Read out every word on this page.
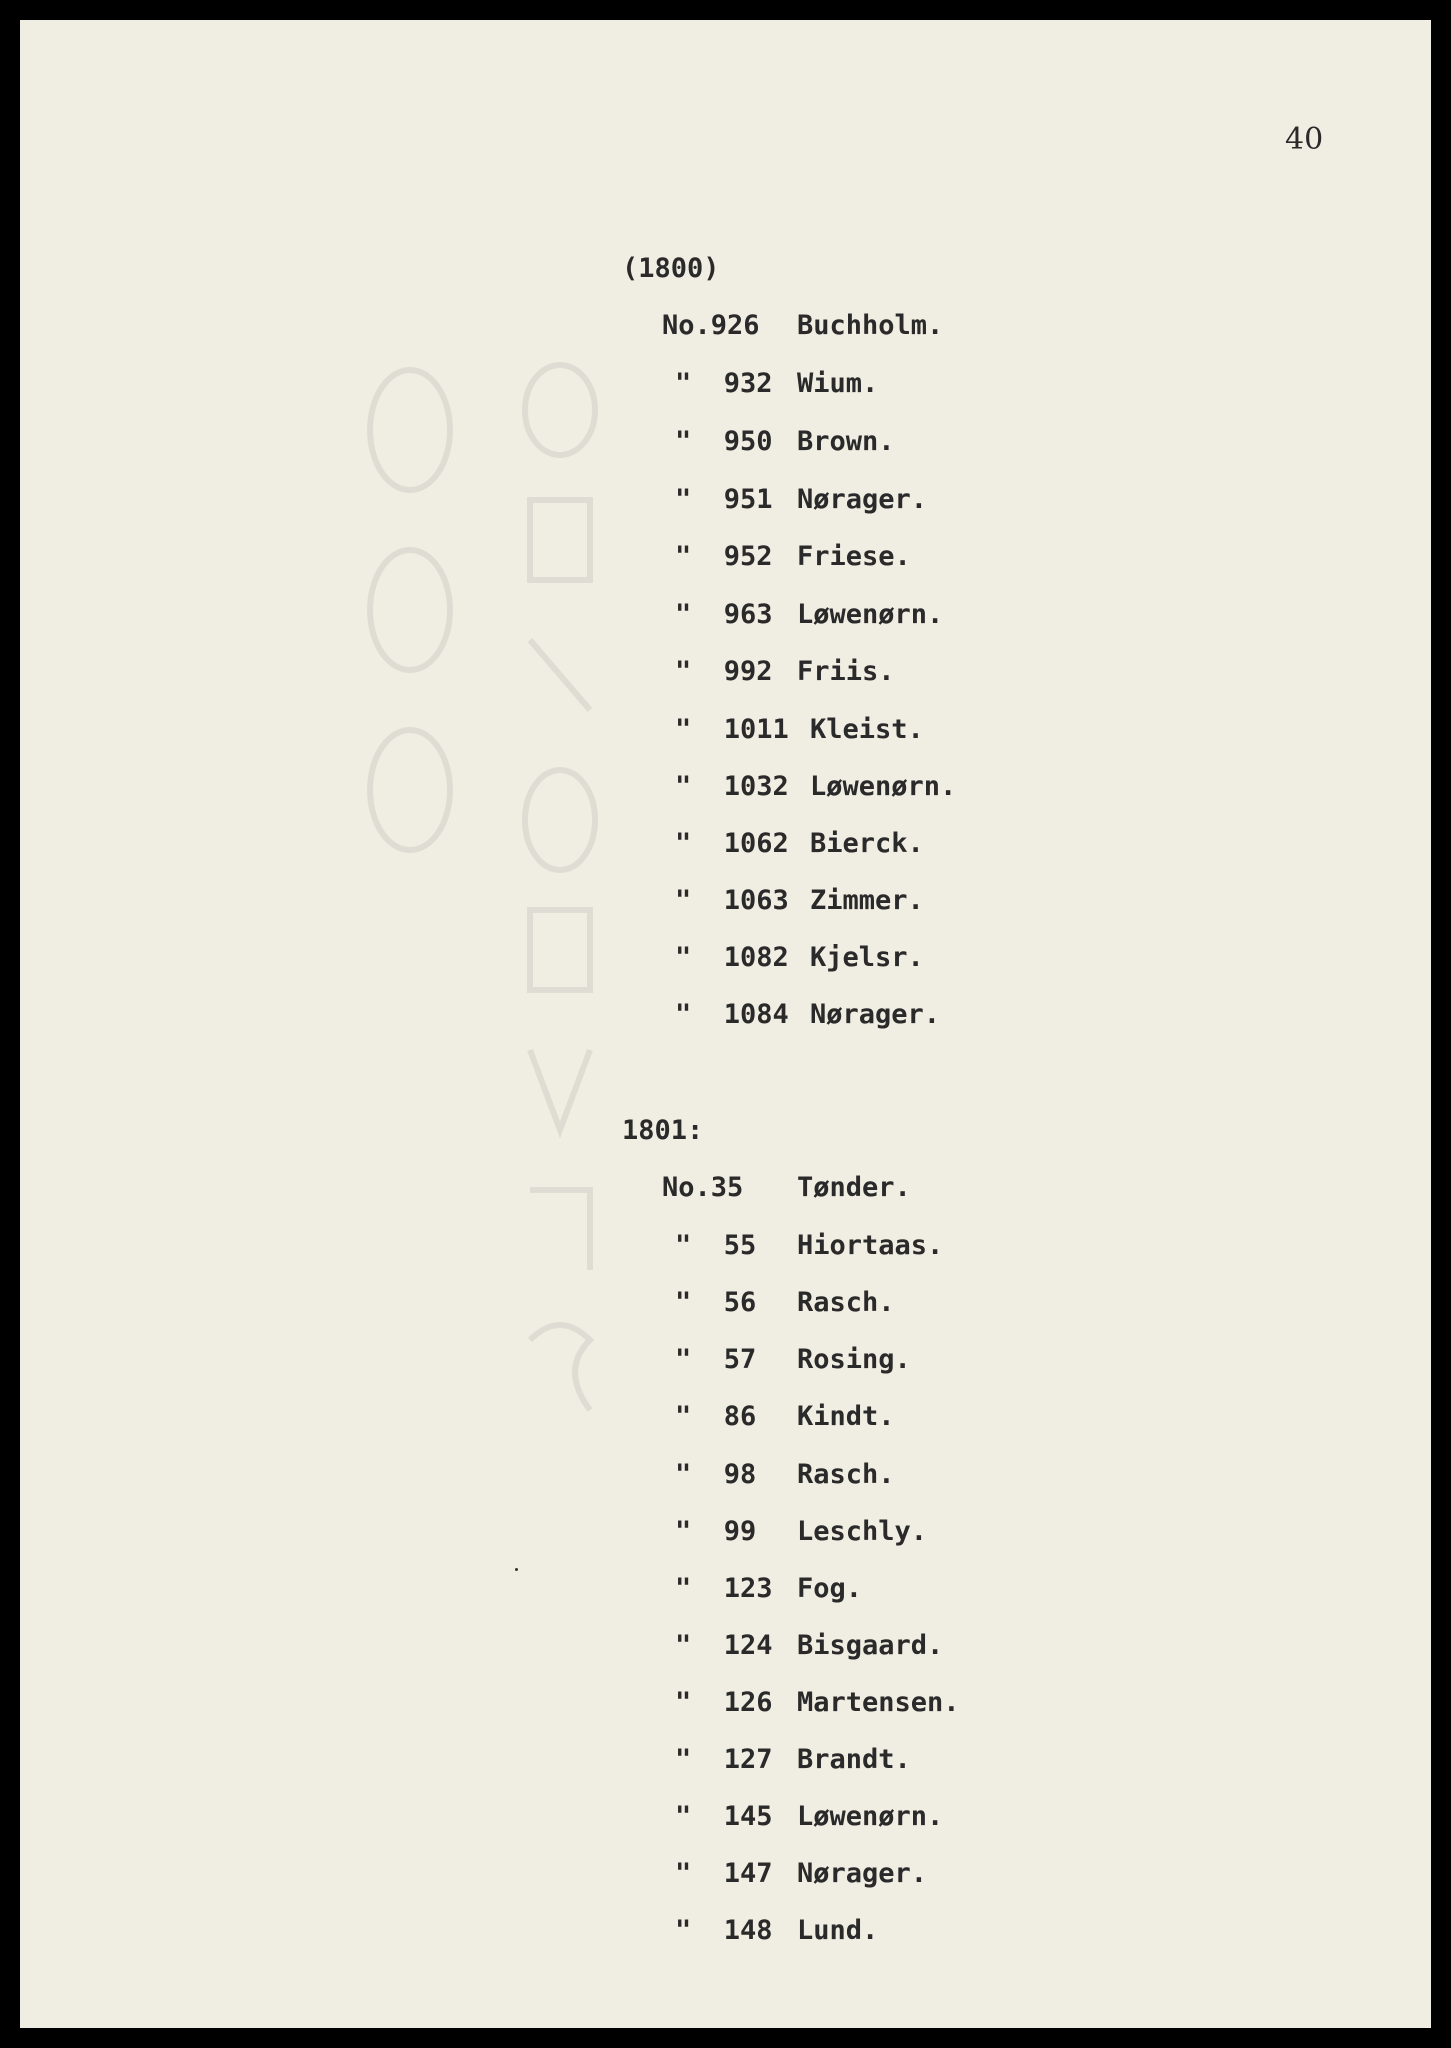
40
(1800)
No.926 Buchholm.
"  932 Wium.
"  950 Brown.
"  951 Nørager.
"  952 Friese.
"  963 Løwenørn.
"  992 Friis.
"  1011 Kleist.
"  1032 Løwenørn.
"  1062 Bierck.
"  1063 Zimmer.
"  1082 Kjelsr.
"  1084 Nørager.
1801:
No.35 Tønder.
"  55 Hiortaas.
"  56 Rasch.
"  57 Rosing.
"  86 Kindt.
"  98 Rasch.
"  99 Leschly.
"  123 Fog.
"  124 Bisgaard.
"  126 Martensen.
"  127 Brandt.
"  145 Løwenørn.
"  147 Nørager.
"  148 Lund.
